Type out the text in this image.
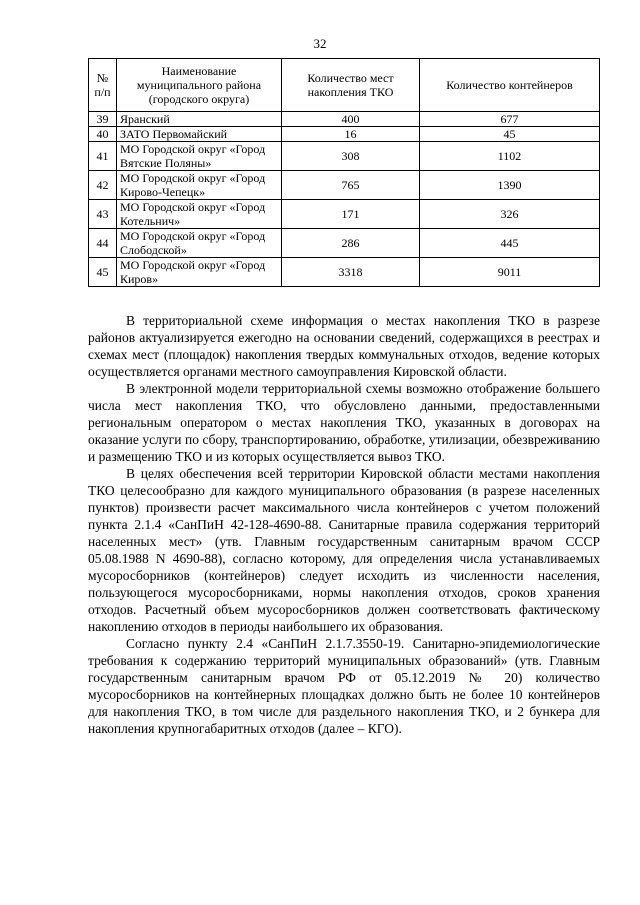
32
№ п/п	Наименование муниципального района (городского округа)	Количество мест накопления ТКО	Количество контейнеров
39	Яранский	400	677
40	ЗАТО Первомайский	16	45
41	МО Городской округ «Город Вятские Поляны»	308	1102
42	МО Городской округ «Город Кирово-Чепецк»	765	1390
43	МО Городской округ «Город Котельнич»	171	326
44	МО Городской округ «Город Слободской»	286	445
45	МО Городской округ «Город Киров»	3318	9011

В территориальной схеме информация о местах накопления ТКО в разрезе районов актуализируется ежегодно на основании сведений, содержащихся в реестрах и схемах мест (площадок) накопления твердых коммунальных отходов, ведение которых осуществляется органами местного самоуправления Кировской области.

В электронной модели территориальной схемы возможно отображение большего числа мест накопления ТКО, что обусловлено данными, предоставленными региональным оператором о местах накопления ТКО, указанных в договорах на оказание услуги по сбору, транспортированию, обработке, утилизации, обезвреживанию и размещению ТКО и из которых осуществляется вывоз ТКО.

В целях обеспечения всей территории Кировской области местами накопления ТКО целесообразно для каждого муниципального образования (в разрезе населенных пунктов) произвести расчет максимального числа контейнеров с учетом положений пункта 2.1.4 «СанПиН 42-128-4690-88. Санитарные правила содержания территорий населенных мест» (утв. Главным государственным санитарным врачом СССР 05.08.1988 N 4690-88), согласно которому, для определения числа устанавливаемых мусоросборников (контейнеров) следует исходить из численности населения, пользующегося мусоросборниками, нормы накопления отходов, сроков хранения отходов. Расчетный объем мусоросборников должен соответствовать фактическому накоплению отходов в периоды наибольшего их образования.

Согласно пункту 2.4 «СанПиН 2.1.7.3550-19. Санитарно-эпидемиологические требования к содержанию территорий муниципальных образований» (утв. Главным государственным санитарным врачом РФ от 05.12.2019 № 20) количество мусоросборников на контейнерных площадках должно быть не более 10 контейнеров для накопления ТКО, в том числе для раздельного накопления ТКО, и 2 бункера для накопления крупногабаритных отходов (далее – КГО).
